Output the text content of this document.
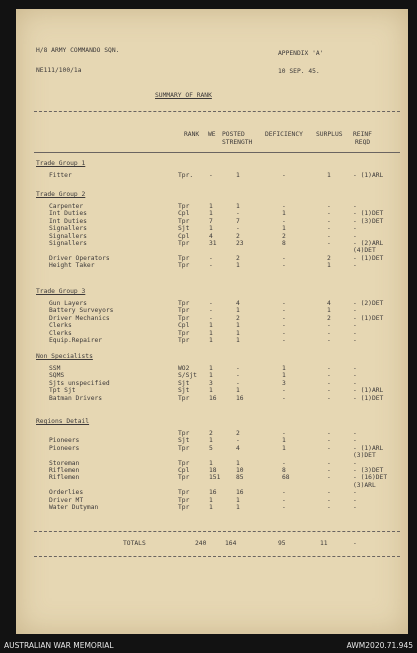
H/8 ARMY COMMANDO SQN.
NE111/100/1a
APPENDIX 'A'
10 SEP. 45.
SUMMARY OF RANK
RANK WE POSTED
STRENGTH
DEFICIENCY SURPLUS REINF
REQD
Trade Group 1
Fitter	Tpr.	-	1	-	1	- (1)ARL
Trade Group 2
Carpenter	Tpr	1	1	-	-	-
Int Duties	Cpl	1	-	1	-	- (1)DET
Int Duties	Tpr	7	7	-	-	- (3)DET
Signallers	Sjt	1	-	1	-	-
Signallers	Cpl	4	2	2	-	-
Signallers	Tpr	31	23	8	-	- (2)ARL
(4)DET
Driver Operators	Tpr	-	2	-	2	- (1)DET
Height Taker	Tpr	-	1	-	1	-
Trade Group 3
Gun Layers	Tpr	-	4	-	4	- (2)DET
Battery Surveyors	Tpr	-	1	-	1	-
Driver Mechanics	Tpr	-	2	-	2	- (1)DET
Clerks	Cpl	1	1	-	-	-
Clerks	Tpr	1	1	-	-	-
Equip.Repairer	Tpr	1	1	-	-	-
Non Specialists
SSM	WO2	1	-	1	-	-
SQMS	S/Sjt 1	-	1	-	-
Sjts unspecified	Sjt	3	-	3	-	-
Tpt Sjt	Sjt	1	1	-	-	- (1)ARL
Batman Drivers	Tpr	16	16	-	-	- (1)DET
Regions Detail
Tpr	2	2	-	-	-
Pioneers	Sjt	1	-	1	-	-
Pioneers	Tpr	5	4	1	-	- (1)ARL
(3)DET
Storeman	Tpr	1	1	-	-	-
Riflemen	Cpl	18	10	8	-	- (3)DET
Riflemen	Tpr	151 85	68	-	- (16)DET
(3)ARL
Orderlies	Tpr	16	16	-	-	-
Driver MT	Tpr	1	1	-	-	-
Water Dutyman	Tpr	1	1	-	-	-
TOTALS	240	164	95	11	-
AUSTRALIAN WAR MEMORIAL	AWM2020.71.945
